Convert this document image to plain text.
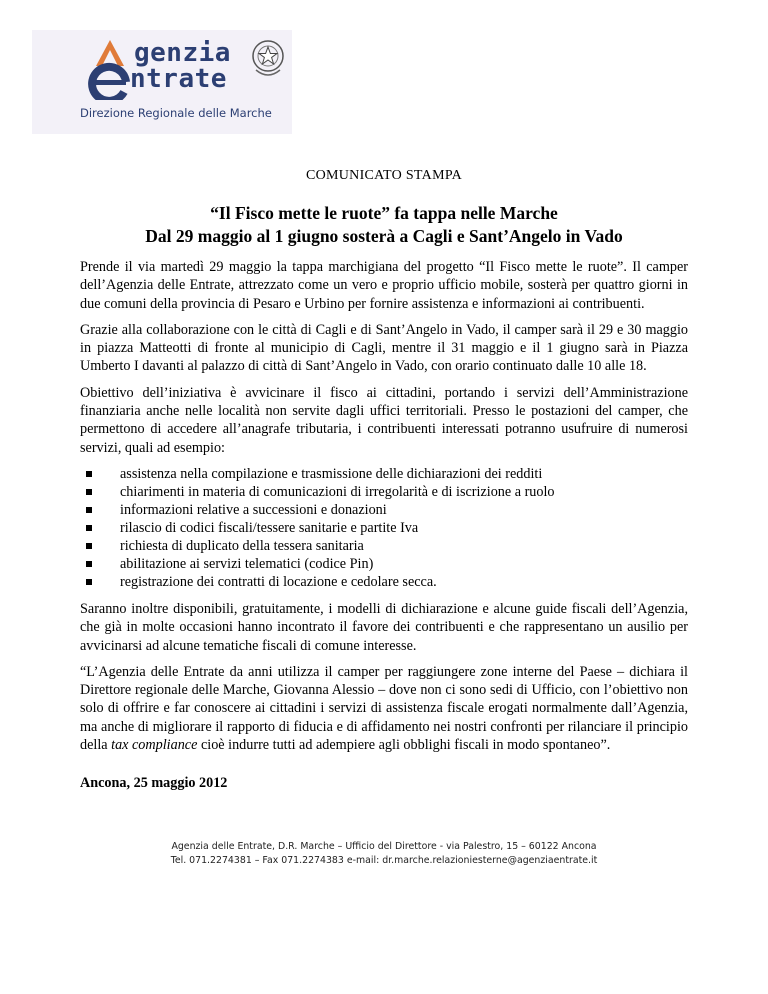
genzia
ntrate
Direzione Regionale delle Marche
COMUNICATO STAMPA
“Il Fisco mette le ruote” fa tappa nelle Marche
Dal 29 maggio al 1 giugno sosterà a Cagli e Sant’Angelo in Vado

Prende il via martedì 29 maggio la tappa marchigiana del progetto “Il Fisco mette le ruote”. Il camper dell’Agenzia delle Entrate, attrezzato come un vero e proprio ufficio mobile, sosterà per quattro giorni in due comuni della provincia di Pesaro e Urbino per fornire assistenza e informazioni ai contribuenti.

Grazie alla collaborazione con le città di Cagli e di Sant’Angelo in Vado, il camper sarà il 29 e 30 maggio in piazza Matteotti di fronte al municipio di Cagli, mentre il 31 maggio e il 1 giugno sarà in Piazza Umberto I davanti al palazzo di città di Sant’Angelo in Vado, con orario continuato dalle 10 alle 18.

Obiettivo dell’iniziativa è avvicinare il fisco ai cittadini, portando i servizi dell’Amministrazione finanziaria anche nelle località non servite dagli uffici territoriali. Presso le postazioni del camper, che permettono di accedere all’anagrafe tributaria, i contribuenti interessati potranno usufruire di numerosi servizi, quali ad esempio:

assistenza nella compilazione e trasmissione delle dichiarazioni dei redditi
chiarimenti in materia di comunicazioni di irregolarità e di iscrizione a ruolo
informazioni relative a successioni e donazioni
rilascio di codici fiscali/tessere sanitarie e partite Iva
richiesta di duplicato della tessera sanitaria
abilitazione ai servizi telematici (codice Pin)
registrazione dei contratti di locazione e cedolare secca.

Saranno inoltre disponibili, gratuitamente, i modelli di dichiarazione e alcune guide fiscali dell’Agenzia, che già in molte occasioni hanno incontrato il favore dei contribuenti e che rappresentano un ausilio per avvicinarsi ad alcune tematiche fiscali di comune interesse.

“L’Agenzia delle Entrate da anni utilizza il camper per raggiungere zone interne del Paese – dichiara il Direttore regionale delle Marche, Giovanna Alessio – dove non ci sono sedi di Ufficio, con l’obiettivo non solo di offrire e far conoscere ai cittadini i servizi di assistenza fiscale erogati normalmente dall’Agenzia, ma anche di migliorare il rapporto di fiducia e di affidamento nei nostri confronti per rilanciare il principio della tax compliance cioè indurre tutti ad adempiere agli obblighi fiscali in modo spontaneo”.

Ancona, 25 maggio 2012
Agenzia delle Entrate, D.R. Marche – Ufficio del Direttore - via Palestro, 15 – 60122 Ancona
Tel. 071.2274381 – Fax 071.2274383 e-mail: dr.marche.relazioniesterne@agenziaentrate.it
